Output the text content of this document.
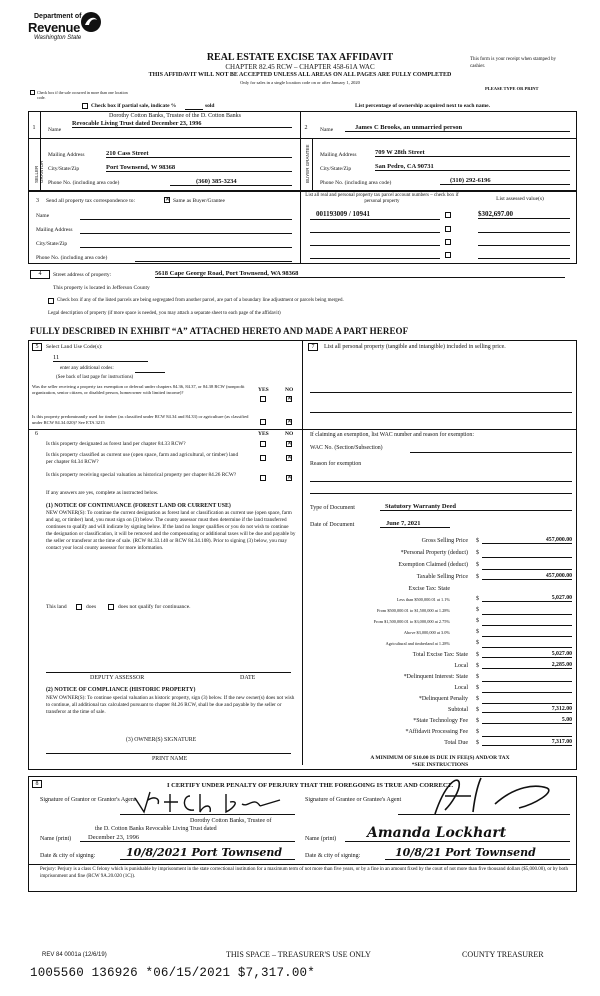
Department of
Revenue
Washington State
REAL ESTATE EXCISE TAX AFFIDAVIT
CHAPTER 82.45 RCW – CHAPTER 458-61A WAC
THIS AFFIDAVIT WILL NOT BE ACCEPTED UNLESS ALL AREAS ON ALL PAGES ARE FULLY COMPLETED
Only for sales in a single location code on or after January 1, 2020
This form is your receipt when stamped by cashier.
PLEASE TYPE OR PRINT
Check box if the sale occurred in more than one location code.
Check box if partial sale, indicate %	sold	List percentage of ownership acquired next to each name.
1
SELLER GRANTOR
Dorothy Cotton Banks, Trustee of the D. Cotton Banks
Name
Revocable Living Trust dated December 23, 1996
Mailing Address	210 Cass Street
City/State/Zip	Port Townsend, W 98368
Phone No. (including area code)	(360) 385-3234
2
BUYER GRANTEE
Name	James C Brooks, an unmarried person
Mailing Address	709 W 28th Street
City/State/Zip	San Pedro, CA 90731
Phone No. (including area code)	(310) 292-6196
3 Send all property tax correspondence to:	✕ Same as Buyer/Grantee
Name
Mailing Address
City/State/Zip
Phone No. (including area code)
List all real and personal property tax parcel account numbers – check box if personal property	List assessed value(s)
001193009 / 10941	$302,697.00
4	Street address of property:	5618 Cape George Road, Port Townsend, WA 98368
This property is located in Jefferson County
Check box if any of the listed parcels are being segregated from another parcel, are part of a boundary line adjustment or parcels being merged.
Legal description of property (if more space is needed, you may attach a separate sheet to each page of the affidavit)
FULLY DESCRIBED IN EXHIBIT “A” ATTACHED HERETO AND MADE A PART HEREOF
5	Select Land Use Code(s):
11
enter any additional codes:
(See back of last page for instructions)
YES	NO
Was the seller receiving a property tax exemption or deferral under chapters 84.36, 84.37, or 84.38 RCW (nonprofit organization, senior citizen, or disabled person, homeowner with limited income)?
✕
Is this property predominantly used for timber (as classified under RCW 84.34 and 84.33) or agriculture (as classified under RCW 84.34.020)? See ETA 3215	✕
6	YES	NO
Is this property designated as forest land per chapter 84.33 RCW?	✕
Is this property classified as current use (open space, farm and agricultural, or timber) land per chapter 84.34 RCW?
✕
Is this property receiving special valuation as historical property per chapter 84.26 RCW?	✕
If any answers are yes, complete as instructed below.
(1) NOTICE OF CONTINUANCE (FOREST LAND OR CURRENT USE)
NEW OWNER(S): To continue the current designation as forest land or classification as current use (open space, farm and ag, or timber) land, you must sign on (3) below. The county assessor must then determine if the land transferred continues to qualify and will indicate by signing below. If the land no longer qualifies or you do not wish to continue the designation or classification, it will be removed and the compensating or additional taxes will be due and payable by the seller or transferor at the time of sale. (RCW 84.33.140 or RCW 84.34.108). Prior to signing (3) below, you may contact your local county assessor for more information.
This land	does	does not qualify for continuance.
DEPUTY ASSESSOR	DATE
(2) NOTICE OF COMPLIANCE (HISTORIC PROPERTY)
NEW OWNER(S): To continue special valuation as historic property, sign (3) below. If the new owner(s) does not wish to continue, all additional tax calculated pursuant to chapter 84.26 RCW, shall be due and payable by the seller or transferor at the time of sale.
(3) OWNER(S) SIGNATURE
PRINT NAME
7	List all personal property (tangible and intangible) included in selling price.
If claiming an exemption, list WAC number and reason for exemption:
WAC No. (Section/Subsection)
Reason for exemption
Type of Document	Statutory Warranty Deed
Date of Document	June 7, 2021
Gross Selling Price $	457,000.00
*Personal Property (deduct) $
Exemption Claimed (deduct) $
Taxable Selling Price $	457,000.00
Excise Tax: State
Less than $500,000.01 at 1.1%	$	5,027.00
From $500,000.01 to $1,500,000 at 1.28%	$
From $1,500,000.01 to $3,000,000 at 2.75%	$
Above $3,000,000 at 3.0%	$
Agricultural and timberland at 1.28%	$
Total Excise Tax: State $	5,027.00
Local $	2,285.00
*Delinquent Interest: State $
Local $
*Delinquent Penalty $
Subtotal $	7,312.00
*State Technology Fee $	5.00
*Affidavit Processing Fee $
Total Due $	7,317.00
A MINIMUM OF $10.00 IS DUE IN FEE(S) AND/OR TAX
*SEE INSTRUCTIONS
8	I CERTIFY UNDER PENALTY OF PERJURY THAT THE FOREGOING IS TRUE AND CORRECT.
Signature of Grantor or Grantor's Agent
Dorothy Cotton Banks, Trustee of
the D. Cotton Banks Revocable Living Trust dated
Name (print)	December 23, 1996
Date & city of signing:	10/8/2021 Port Townsend
Signature of Grantee or Grantee's Agent
Name (print)	Amanda Lockhart
Date & city of signing:	10/8/21 Port Townsend
Perjury: Perjury is a class C felony which is punishable by imprisonment in the state correctional institution for a maximum term of not more than five years, or by a fine in an amount fixed by the court of not more than five thousand dollars ($5,000.00), or by both imprisonment and fine (RCW 9A.20.020 (1C)).
REV 84 0001a (12/6/19)	THIS SPACE – TREASURER'S USE ONLY	COUNTY TREASURER
1005560 136926 *06/15/2021 $7,317.00*
